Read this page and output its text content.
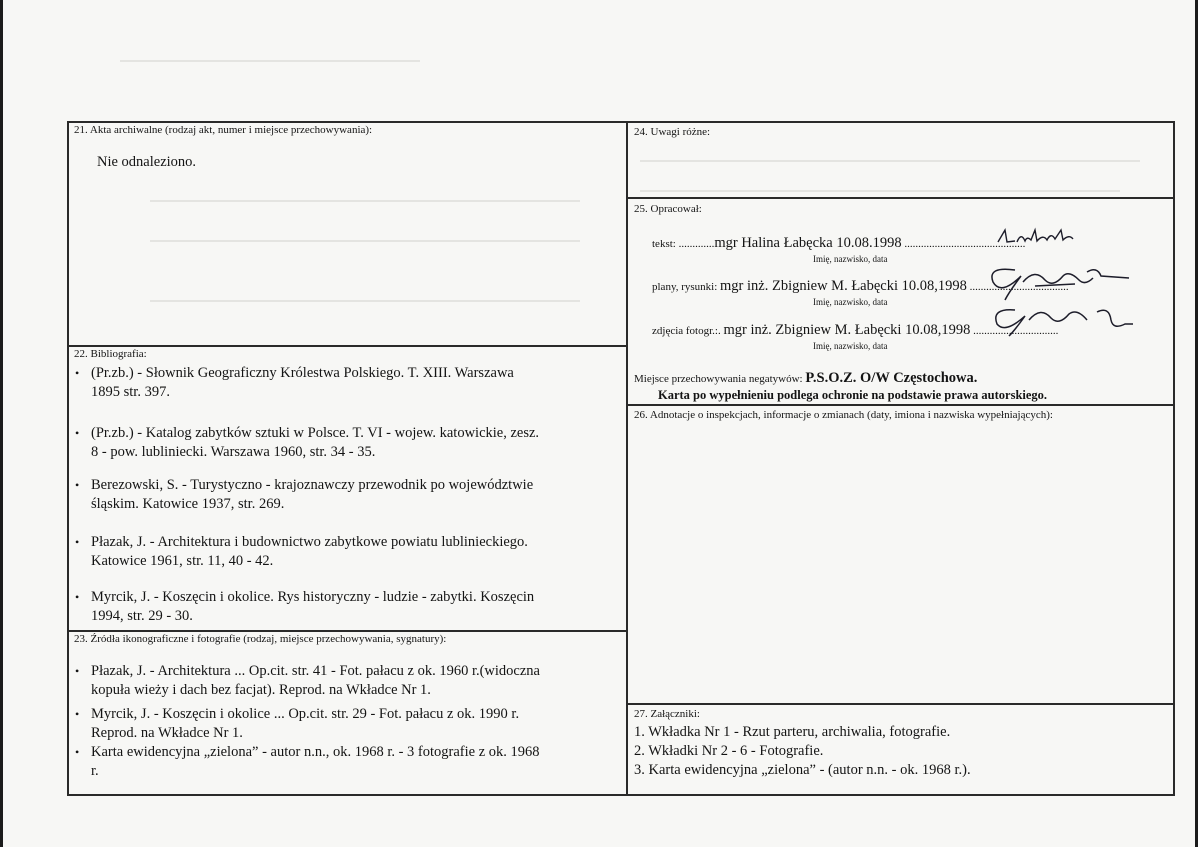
21. Akta archiwalne (rodzaj akt, numer i miejsce przechowywania):
Nie odnaleziono.
22. Bibliografia:
• (Pr.zb.) - Słownik Geograficzny Królestwa Polskiego. T. XIII. Warszawa
1895 str. 397.
• (Pr.zb.) - Katalog zabytków sztuki w Polsce. T. VI - wojew. katowickie, zesz.
8 - pow. lubliniecki. Warszawa 1960, str. 34 - 35.
• Berezowski, S. - Turystyczno - krajoznawczy przewodnik po województwie
śląskim. Katowice 1937, str. 269.
• Płazak, J. - Architektura i budownictwo zabytkowe powiatu lublinieckiego.
Katowice 1961, str. 11, 40 - 42.
• Myrcik, J. - Koszęcin i okolice. Rys historyczny - ludzie - zabytki. Koszęcin
1994, str. 29 - 30.
23. Źródła ikonograficzne i fotografie (rodzaj, miejsce przechowywania, sygnatury):
• Płazak, J. - Architektura ... Op.cit. str. 41 - Fot. pałacu z ok. 1960 r.(widoczna
kopuła wieży i dach bez facjat). Reprod. na Wkładce Nr 1.
• Myrcik, J. - Koszęcin i okolice ... Op.cit. str. 29 - Fot. pałacu z ok. 1990 r.
Reprod. na Wkładce Nr 1.
• Karta ewidencyjna „zielona” - autor n.n., ok. 1968 r. - 3 fotografie z ok. 1968
r.
24. Uwagi różne:
25. Opracował:
tekst: .............mgr Halina Łabęcka 10.08.1998 ............................................
Imię, nazwisko, data
plany, rysunki: mgr inż. Zbigniew M. Łabęcki 10.08,1998 ....................................
Imię, nazwisko, data
zdjęcia fotogr.:. mgr inż. Zbigniew M. Łabęcki 10.08,1998 ...............................
Imię, nazwisko, data
Miejsce przechowywania negatywów: P.S.O.Z. O/W Częstochowa.
Karta po wypełnieniu podlega ochronie na podstawie prawa autorskiego.
26. Adnotacje o inspekcjach, informacje o zmianach (daty, imiona i nazwiska wypełniających):
27. Załączniki:
1. Wkładka Nr 1 - Rzut parteru, archiwalia, fotografie.
2. Wkładki Nr 2 - 6 - Fotografie.
3. Karta ewidencyjna „zielona” - (autor n.n. - ok. 1968 r.).
